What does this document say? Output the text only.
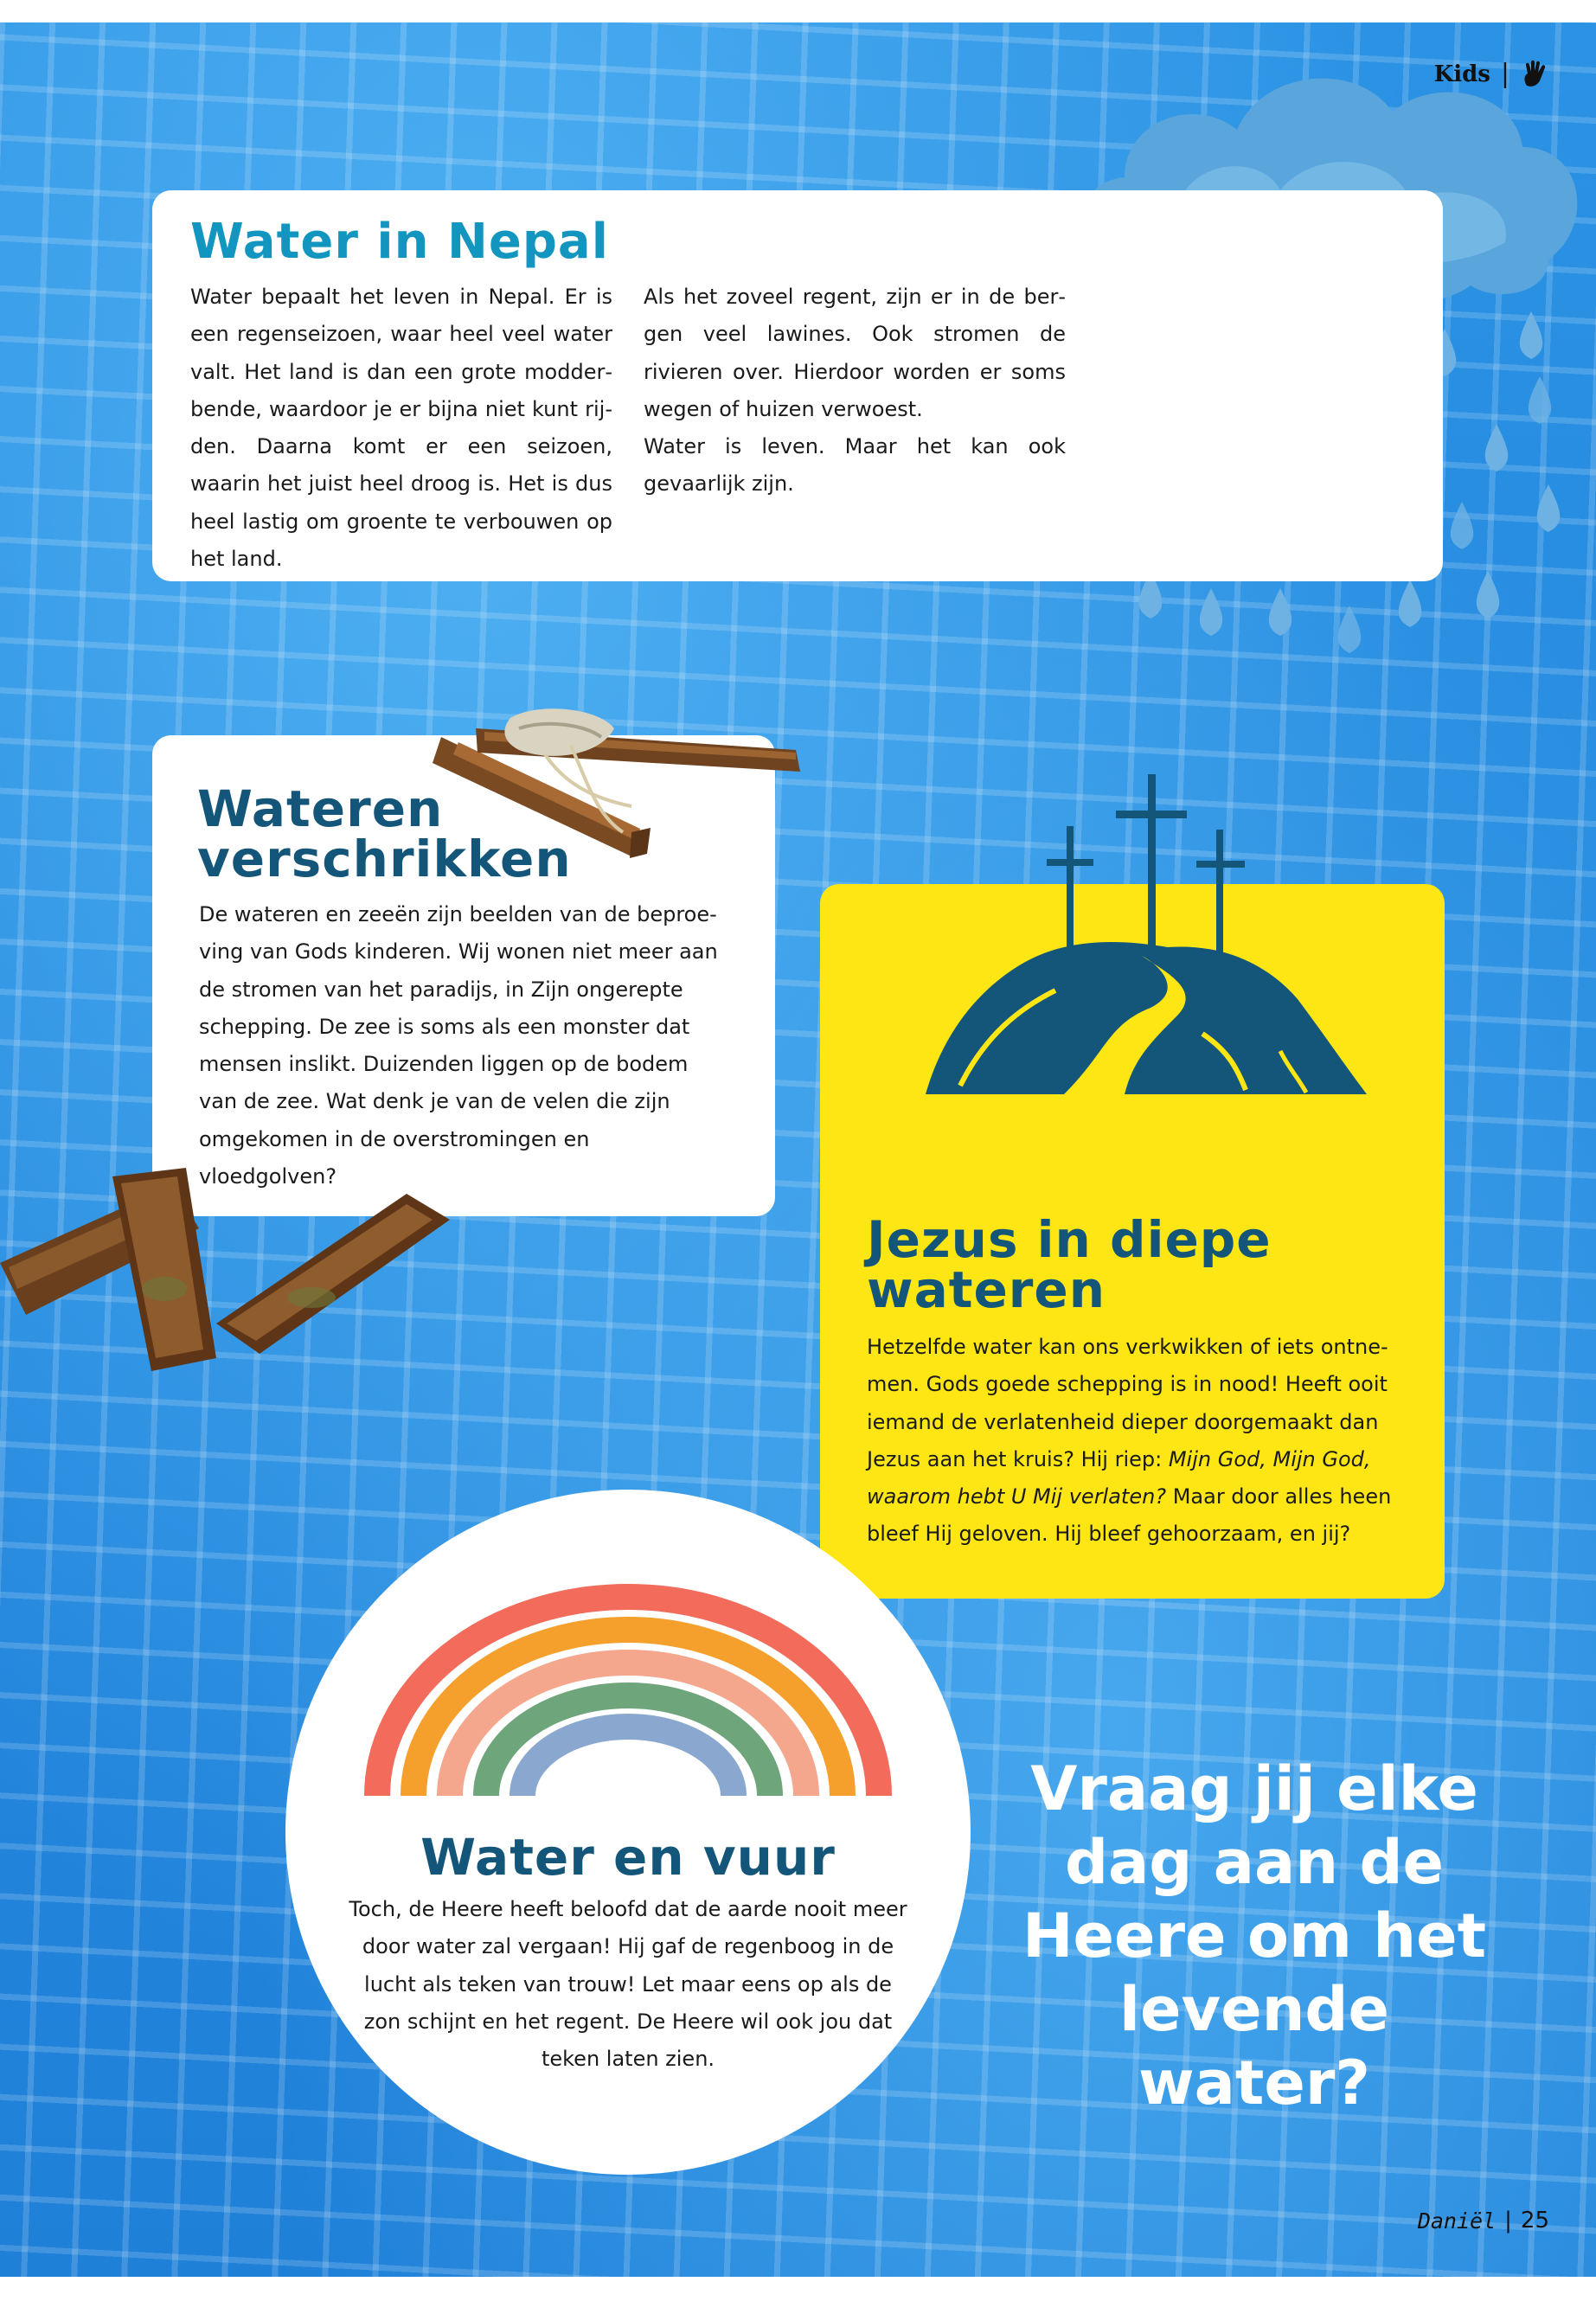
Kids |
Water in Nepal

Water bepaalt het leven in Nepal. Er is een regenseizoen, waar heel veel water valt. Het land is dan een grote modderbende, waardoor je er bijna niet kunt rijden. Daarna komt er een seizoen, waarin het juist heel droog is. Het is dus heel lastig om groente te verbouwen op het land.

Als het zoveel regent, zijn er in de bergen veel lawines. Ook stromen de rivieren over. Hierdoor worden er soms wegen of huizen verwoest.
Water is leven. Maar het kan ook gevaarlijk zijn.
Wateren verschrikken

De wateren en zeeën zijn beelden van de beproeving van Gods kinderen. Wij wonen niet meer aan de stromen van het paradijs, in Zijn ongerepte schepping. De zee is soms als een monster dat mensen inslikt. Duizenden liggen op de bodem van de zee. Wat denk je van de velen die zijn omgekomen in de overstromingen en vloedgolven?

Jezus in diepe wateren

Hetzelfde water kan ons verkwikken of iets ontnemen. Gods goede schepping is in nood! Heeft ooit iemand de verlatenheid dieper doorgemaakt dan Jezus aan het kruis? Hij riep: Mijn God, Mijn God, waarom hebt U Mij verlaten? Maar door alles heen bleef Hij geloven. Hij bleef gehoorzaam, en jij?

Water en vuur

Toch, de Heere heeft beloofd dat de aarde nooit meer door water zal vergaan! Hij gaf de regenboog in de lucht als teken van trouw! Let maar eens op als de zon schijnt en het regent. De Heere wil ook jou dat teken laten zien.

Vraag jij elke dag aan de Heere om het levende water?
Daniël | 25
